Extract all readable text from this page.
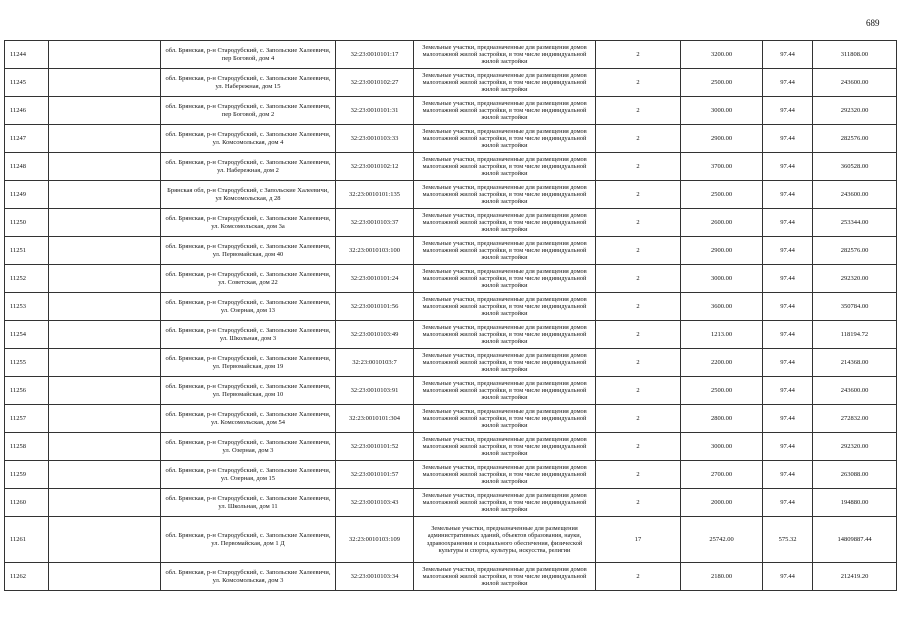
689
11244		обл. Брянская, р-н Стародубский, с. Запольские Халеевичи, пер Боговой, дом 4	32:23:0010101:17	Земельные участки, предназначенные для размещения домов малоэтажной жилой застройки, в том числе индивидуальной жилой застройки	2	3200.00	97.44	311808.00
11245		обл. Брянская, р-н Стародубский, с. Запольские Халеевичи, ул. Набережная, дом 15	32:23:0010102:27	Земельные участки, предназначенные для размещения домов малоэтажной жилой застройки, в том числе индивидуальной жилой застройки	2	2500.00	97.44	243600.00
11246		обл. Брянская, р-н Стародубский, с. Запольские Халеевичи, пер Боговой, дом 2	32:23:0010101:31	Земельные участки, предназначенные для размещения домов малоэтажной жилой застройки, в том числе индивидуальной жилой застройки	2	3000.00	97.44	292320.00
11247		обл. Брянская, р-н Стародубский, с. Запольские Халеевичи, ул. Комсомольская, дом 4	32:23:0010103:33	Земельные участки, предназначенные для размещения домов малоэтажной жилой застройки, в том числе индивидуальной жилой застройки	2	2900.00	97.44	282576.00
11248		обл. Брянская, р-н Стародубский, с. Запольские Халеевичи, ул. Набережная, дом 2	32:23:0010102:12	Земельные участки, предназначенные для размещения домов малоэтажной жилой застройки, в том числе индивидуальной жилой застройки	2	3700.00	97.44	360528.00
11249		Брянская обл, р-н Стародубский, с Запольские Халеевичи, ул Комсомольская, д 28	32:23:0010101:135	Земельные участки, предназначенные для размещения домов малоэтажной жилой застройки, в том числе индивидуальной жилой застройки	2	2500.00	97.44	243600.00
11250		обл. Брянская, р-н Стародубский, с. Запольские Халеевичи, ул. Комсомольская, дом 3а	32:23:0010103:37	Земельные участки, предназначенные для размещения домов малоэтажной жилой застройки, в том числе индивидуальной жилой застройки	2	2600.00	97.44	253344.00
11251		обл. Брянская, р-н Стародубский, с. Запольские Халеевичи, ул. Первомайская, дом 40	32:23:0010103:100	Земельные участки, предназначенные для размещения домов малоэтажной жилой застройки, в том числе индивидуальной жилой застройки	2	2900.00	97.44	282576.00
11252		обл. Брянская, р-н Стародубский, с. Запольские Халеевичи, ул. Советская, дом 22	32:23:0010101:24	Земельные участки, предназначенные для размещения домов малоэтажной жилой застройки, в том числе индивидуальной жилой застройки	2	3000.00	97.44	292320.00
11253		обл. Брянская, р-н Стародубский, с. Запольские Халеевичи, ул. Озерная, дом 13	32:23:0010101:56	Земельные участки, предназначенные для размещения домов малоэтажной жилой застройки, в том числе индивидуальной жилой застройки	2	3600.00	97.44	350784.00
11254		обл. Брянская, р-н Стародубский, с. Запольские Халеевичи, ул. Школьная, дом 3	32:23:0010103:49	Земельные участки, предназначенные для размещения домов малоэтажной жилой застройки, в том числе индивидуальной жилой застройки	2	1213.00	97.44	118194.72
11255		обл. Брянская, р-н Стародубский, с. Запольские Халеевичи, ул. Первомайская, дом 19	32:23:0010103:7	Земельные участки, предназначенные для размещения домов малоэтажной жилой застройки, в том числе индивидуальной жилой застройки	2	2200.00	97.44	214368.00
11256		обл. Брянская, р-н Стародубский, с. Запольские Халеевичи, ул. Первомайская, дом 10	32:23:0010103:91	Земельные участки, предназначенные для размещения домов малоэтажной жилой застройки, в том числе индивидуальной жилой застройки	2	2500.00	97.44	243600.00
11257		обл. Брянская, р-н Стародубский, с. Запольские Халеевичи, ул. Комсомольская, дом 54	32:23:0010101:304	Земельные участки, предназначенные для размещения домов малоэтажной жилой застройки, в том числе индивидуальной жилой застройки	2	2800.00	97.44	272832.00
11258		обл. Брянская, р-н Стародубский, с. Запольские Халеевичи, ул. Озерная, дом 3	32:23:0010101:52	Земельные участки, предназначенные для размещения домов малоэтажной жилой застройки, в том числе индивидуальной жилой застройки	2	3000.00	97.44	292320.00
11259		обл. Брянская, р-н Стародубский, с. Запольские Халеевичи, ул. Озерная, дом 15	32:23:0010101:57	Земельные участки, предназначенные для размещения домов малоэтажной жилой застройки, в том числе индивидуальной жилой застройки	2	2700.00	97.44	263088.00
11260		обл. Брянская, р-н Стародубский, с. Запольские Халеевичи, ул. Школьная, дом 11	32:23:0010103:43	Земельные участки, предназначенные для размещения домов малоэтажной жилой застройки, в том числе индивидуальной жилой застройки	2	2000.00	97.44	194880.00
11261		обл. Брянская, р-н Стародубский, с. Запольские Халеевичи, ул. Первомайская, дом 1 Д	32:23:0010103:109	Земельные участки, предназначенные для размещения административных зданий, объектов образования, науки, здравоохранения и социального обеспечения, физической культуры и спорта, культуры, искусства, религии	17	25742.00	575.32	14809887.44
11262		обл. Брянская, р-н Стародубский, с. Запольские Халеевичи, ул. Комсомольская, дом 3	32:23:0010103:34	Земельные участки, предназначенные для размещения домов малоэтажной жилой застройки, в том числе индивидуальной жилой застройки	2	2180.00	97.44	212419.20
